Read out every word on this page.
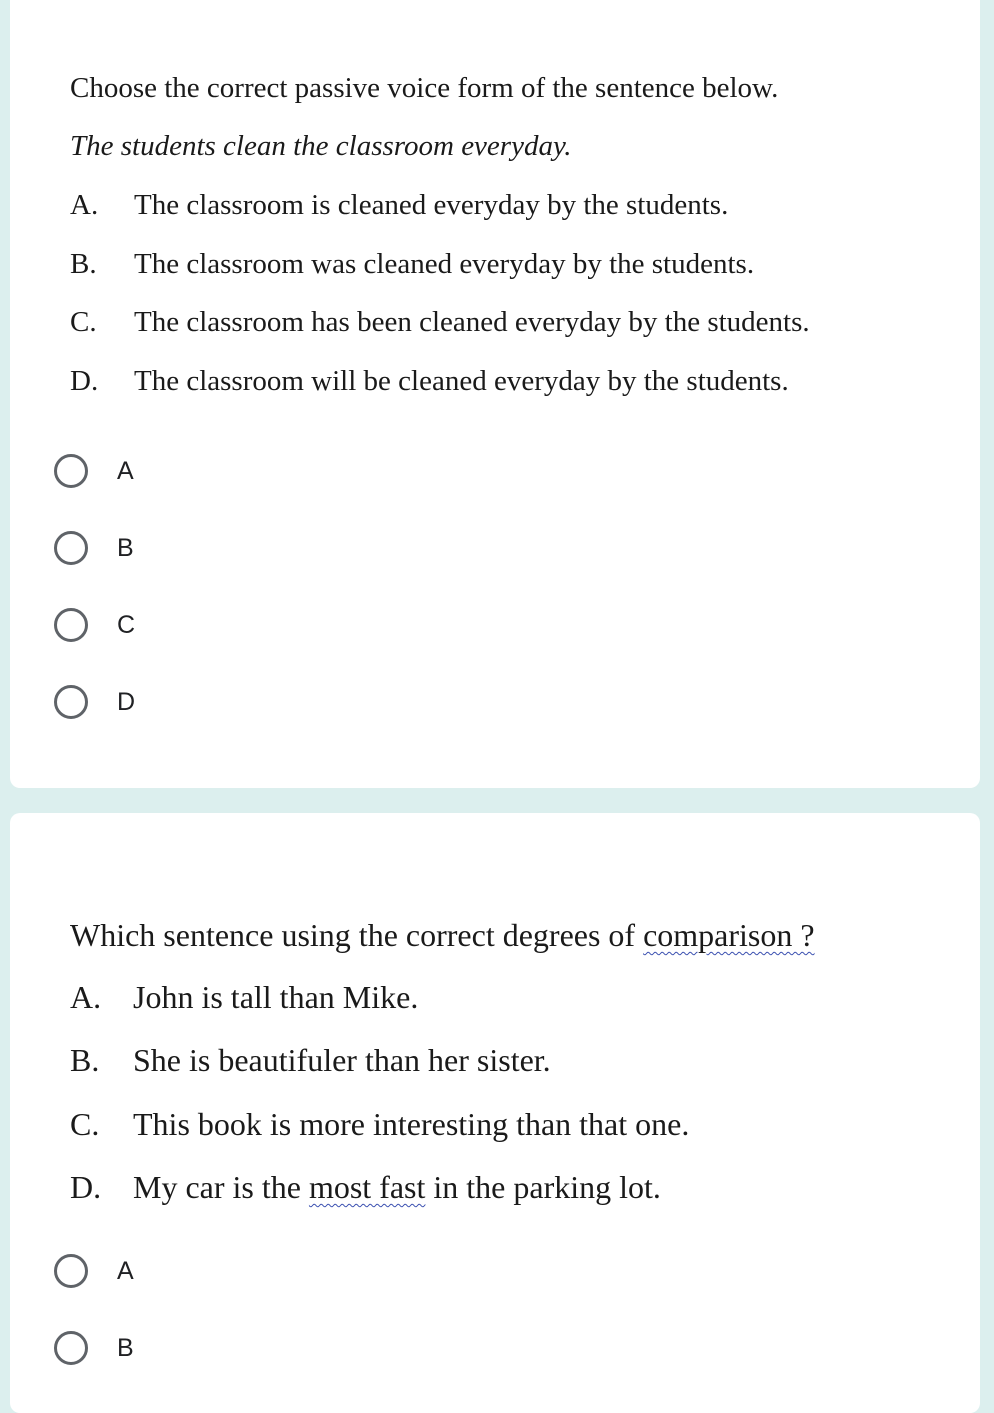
Choose the correct passive voice form of the sentence below.
The students clean the classroom everyday.
A. The classroom is cleaned everyday by the students.
B. The classroom was cleaned everyday by the students.
C. The classroom has been cleaned everyday by the students.
D. The classroom will be cleaned everyday by the students.
A
B
C
D
Which sentence using the correct degrees of comparison ?
A. John is tall than Mike.
B. She is beautifuler than her sister.
C. This book is more interesting than that one.
D. My car is the most fast in the parking lot.
A
B
